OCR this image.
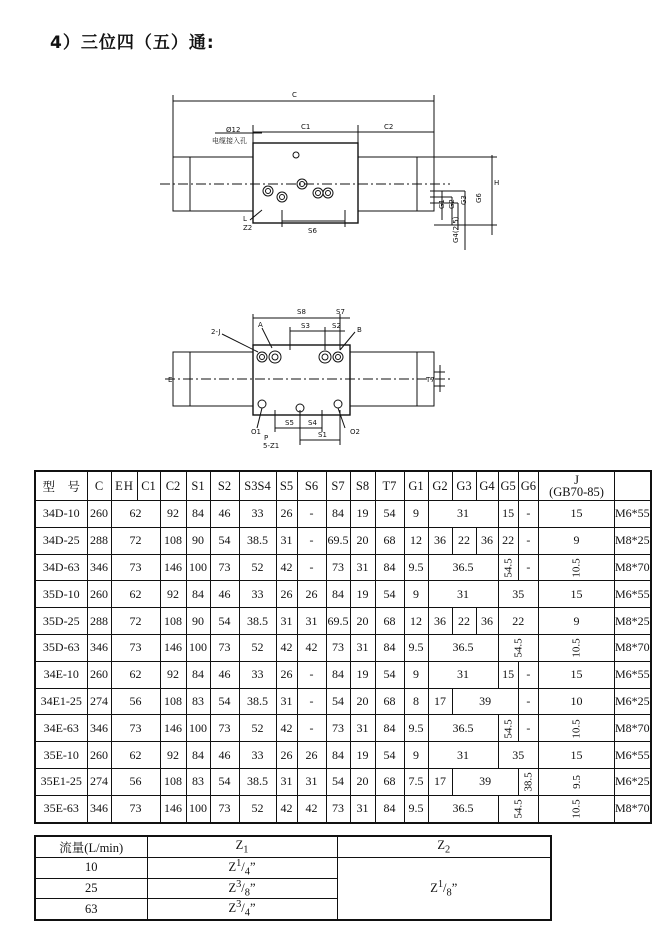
4）三位四（五）通:
C
C1	C2
Ø12
电缆接入孔
L
Z2	S6
H
G1 G2 G3
G4(2.5)
G6
S8	S7
S3	S2
2-J
A
B
O1
P
5-Z1
S5 S4
S1	O2
T7
E
型　号	C	E H	C1	C2	S1	S2	S3S4	S5	S6	S7	S8	T7	G1	G2	G3	G4	G5	G6	J
(GB70-85)	
34D-10	260	62		92	84	46	33	26	-	84	19	54	9	31			15	-	15	M6*55
34D-25	288	72		108	90	54	38.5	31	-	69.5	20	68	12	36	22	36	22	-	9	M8*25
34D-63	346	73		146	100	73	52	42	-	73	31	84	9.5	36.5			54.5	-	10.5	M8*70
35D-10	260	62		92	84	46	33	26	26	84	19	54	9	31			35		15	M6*55
35D-25	288	72		108	90	54	38.5	31	31	69.5	20	68	12	36	22	36	22		9	M8*25
35D-63	346	73		146	100	73	52	42	42	73	31	84	9.5	36.5			54.5		10.5	M8*70
34E-10	260	62		92	84	46	33	26	-	84	19	54	9	31			15	-	15	M6*55
34E1-25	274	56		108	83	54	38.5	31	-	54	20	68	8	17	39			-	10	M6*25
34E-63	346	73		146	100	73	52	42	-	73	31	84	9.5	36.5			54.5	-	10.5	M8*70
35E-10	260	62		92	84	46	33	26	26	84	19	54	9	31			35		15	M6*55
35E1-25	274	56		108	83	54	38.5	31	31	54	20	68	7.5	17	39			38.5	9.5	M6*25
35E-63	346	73		146	100	73	52	42	42	73	31	84	9.5	36.5			54.5		10.5	M8*70
流量(L/min)	$Z_1$	$Z_2$
10	$Z^1/_4$”	$Z^1/_8$”
25	$Z^3/_8$”	
63	$Z^3/_4$”	
